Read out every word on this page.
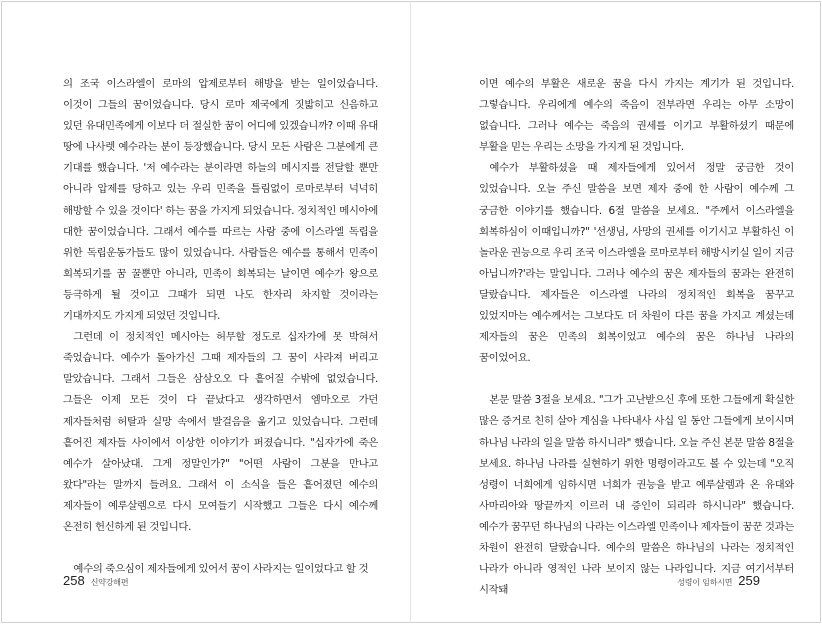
의 조국 이스라엘이 로마의 압제로부터 해방을 받는 일이었습니다. 이것이 그들의 꿈이었습니다. 당시 로마 제국에게 짓밟히고 신음하고 있던 유대민족에게 이보다 더 절실한 꿈이 어디에 있겠습니까? 이때 유대 땅에 나사렛 예수라는 분이 등장했습니다. 당시 모든 사람은 그분에게 큰 기대를 했습니다. '저 예수라는 분이라면 하늘의 메시지를 전달할 뿐만 아니라 압제를 당하고 있는 우리 민족을 틀림없이 로마로부터 넉넉히 해방할 수 있을 것이다' 하는 꿈을 가지게 되었습니다. 정치적인 메시아에 대한 꿈이었습니다. 그래서 예수를 따르는 사람 중에 이스라엘 독립을 위한 독립운동가들도 많이 있었습니다. 사람들은 예수를 통해서 민족이 회복되기를 꿈 꿀뿐만 아니라, 민족이 회복되는 날이면 예수가 왕으로 등극하게 될 것이고 그때가 되면 나도 한자리 차지할 것이라는 기대까지도 가지게 되었던 것입니다.

그런데 이 정치적인 메시아는 허무할 정도로 십자가에 못 박혀서 죽었습니다. 예수가 돌아가신 그때 제자들의 그 꿈이 사라져 버리고 말았습니다. 그래서 그들은 삼삼오오 다 흩어질 수밖에 없었습니다. 그들은 이제 모든 것이 다 끝났다고 생각하면서 엠마오로 가던 제자들처럼 허탈과 실망 속에서 발걸음을 옮기고 있었습니다. 그런데 흩어진 제자들 사이에서 이상한 이야기가 퍼졌습니다. "십자가에 죽은 예수가 살아났대. 그게 정말인가?" "어떤 사람이 그분을 만나고 왔다"라는 말까지 들려요. 그래서 이 소식을 들은 흩어졌던 예수의 제자들이 예루살렘으로 다시 모여들기 시작했고 그들은 다시 예수께 온전히 헌신하게 된 것입니다.

예수의 죽으심이 제자들에게 있어서 꿈이 사라지는 일이었다고 할 것

이면 예수의 부활은 새로운 꿈을 다시 가지는 계기가 된 것입니다. 그렇습니다. 우리에게 예수의 죽음이 전부라면 우리는 아무 소망이 없습니다. 그러나 예수는 죽음의 권세를 이기고 부활하셨기 때문에 부활을 믿는 우리는 소망을 가지게 된 것입니다.

예수가 부활하셨을 때 제자들에게 있어서 정말 궁금한 것이 있었습니다. 오늘 주신 말씀을 보면 제자 중에 한 사람이 예수께 그 궁금한 이야기를 했습니다. 6절 말씀을 보세요. "주께서 이스라엘을 회복하심이 이때입니까?" '선생님, 사망의 권세를 이기시고 부활하신 이 놀라운 권능으로 우리 조국 이스라엘을 로마로부터 해방시키실 일이 지금 아닙니까?'라는 말입니다. 그러나 예수의 꿈은 제자들의 꿈과는 완전히 달랐습니다. 제자들은 이스라엘 나라의 정치적인 회복을 꿈꾸고 있었지마는 예수께서는 그보다도 더 차원이 다른 꿈을 가지고 계셨는데 제자들의 꿈은 민족의 회복이었고 예수의 꿈은 하나님 나라의 꿈이었어요.

본문 말씀 3절을 보세요. "그가 고난받으신 후에 또한 그들에게 확실한 많은 증거로 친히 살아 계심을 나타내사 사십 일 동안 그들에게 보이시며 하나님 나라의 일을 말씀 하시니라" 했습니다. 오늘 주신 본문 말씀 8절을 보세요. 하나님 나라를 실현하기 위한 명령이라고도 볼 수 있는데 "오직 성령이 너희에게 임하시면 너희가 권능을 받고 예루살렘과 온 유대와 사마리아와 땅끝까지 이르러 내 증인이 되리라 하시니라" 했습니다. 예수가 꿈꾸던 하나님의 나라는 이스라엘 민족이나 제자들이 꿈꾼 것과는 차원이 완전히 달랐습니다. 예수의 말씀은 하나님의 나라는 정치적인 나라가 아니라 영적인 나라 보이지 않는 나라입니다. 지금 여기서부터 시작돼

258 신약강해편	성령이 임하시면 259
